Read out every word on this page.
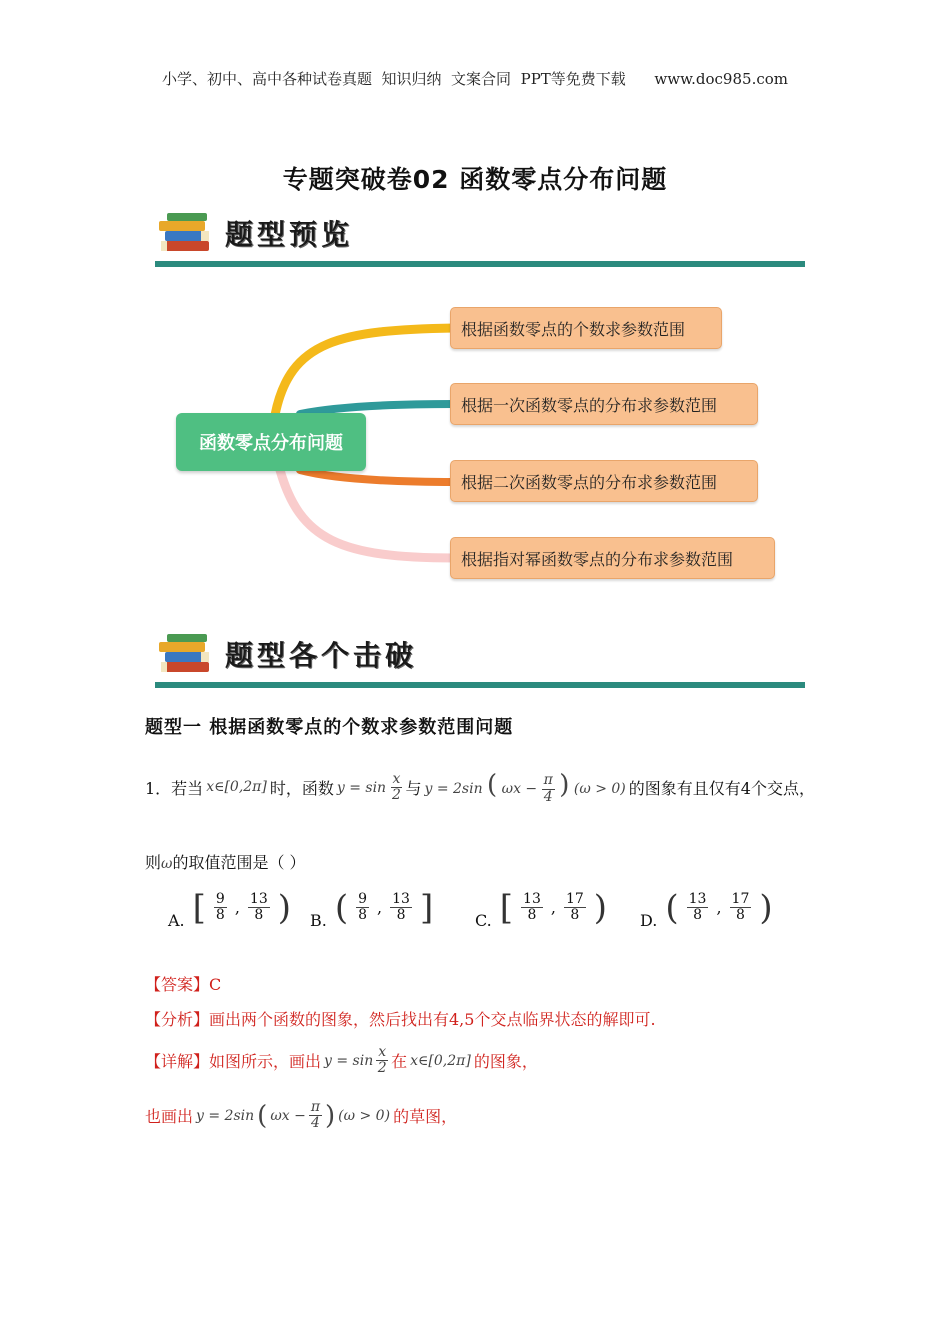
小学、初中、高中各种试卷真题  知识归纳  文案合同  PPT等免费下载      www.doc985.com
专题突破卷02 函数零点分布问题
题型预览
函数零点分布问题
根据函数零点的个数求参数范围
根据一次函数零点的分布求参数范围
根据二次函数零点的分布求参数范围
根据指对幂函数零点的分布求参数范围
题型各个击破
题型一 根据函数零点的个数求参数范围问题
1．若当 x∈[0,2π] 时，函数 $y = \sin \frac{x}{2}$ 与 y = 2sin ( $\omega x - \frac{\pi}{4}$ ) (ω > 0) 的图象有且仅有4个交点，
则ω的取值范围是（ ）
A. [ $\frac{9}{8}$ , $\frac{13}{8}$ ) B. ( $\frac{9}{8}$ , $\frac{13}{8}$ ]	C. [ $\frac{13}{8}$ , $\frac{17}{8}$ ) D. ( $\frac{13}{8}$ , $\frac{17}{8}$ )
【答案】C
【分析】画出两个函数的图象，然后找出有4,5个交点临界状态的解即可.
【详解】如图所示，画出 $y = \sin \frac{x}{2}$ 在 x∈[0,2π] 的图象，
也画出 y = 2sin ( $\omega x - \frac{\pi}{4}$ ) (ω > 0) 的草图，
